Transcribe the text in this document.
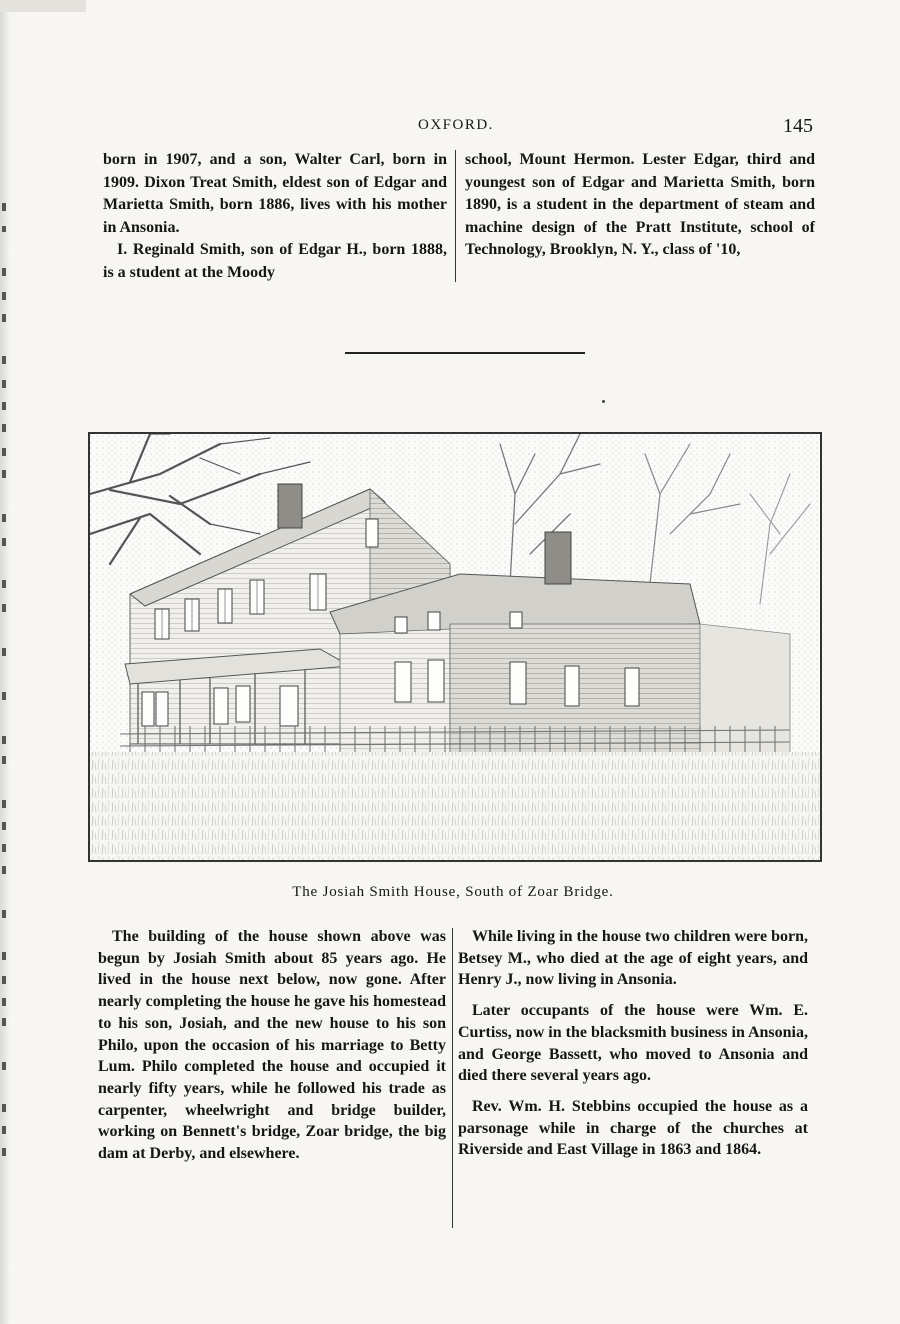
OXFORD.	145

born in 1907, and a son, Walter Carl, born in 1909. Dixon Treat Smith, eldest son of Edgar and Marietta Smith, born 1886, lives with his mother in Ansonia.

I. Reginald Smith, son of Edgar H., born 1888, is a student at the Moody

school, Mount Hermon. Lester Edgar, third and youngest son of Edgar and Marietta Smith, born 1890, is a student in the department of steam and machine design of the Pratt Institute, school of Technology, Brooklyn, N. Y., class of '10,

The Josiah Smith House, South of Zoar Bridge.

The building of the house shown above was begun by Josiah Smith about 85 years ago. He lived in the house next below, now gone. After nearly completing the house he gave his homestead to his son, Josiah, and the new house to his son Philo, upon the occasion of his marriage to Betty Lum. Philo completed the house and occupied it nearly fifty years, while he followed his trade as carpenter, wheelwright and bridge builder, working on Bennett's bridge, Zoar bridge, the big dam at Derby, and elsewhere.

While living in the house two children were born, Betsey M., who died at the age of eight years, and Henry J., now living in Ansonia.

Later occupants of the house were Wm. E. Curtiss, now in the blacksmith business in Ansonia, and George Bassett, who moved to Ansonia and died there several years ago.

Rev. Wm. H. Stebbins occupied the house as a parsonage while in charge of the churches at Riverside and East Village in 1863 and 1864.
